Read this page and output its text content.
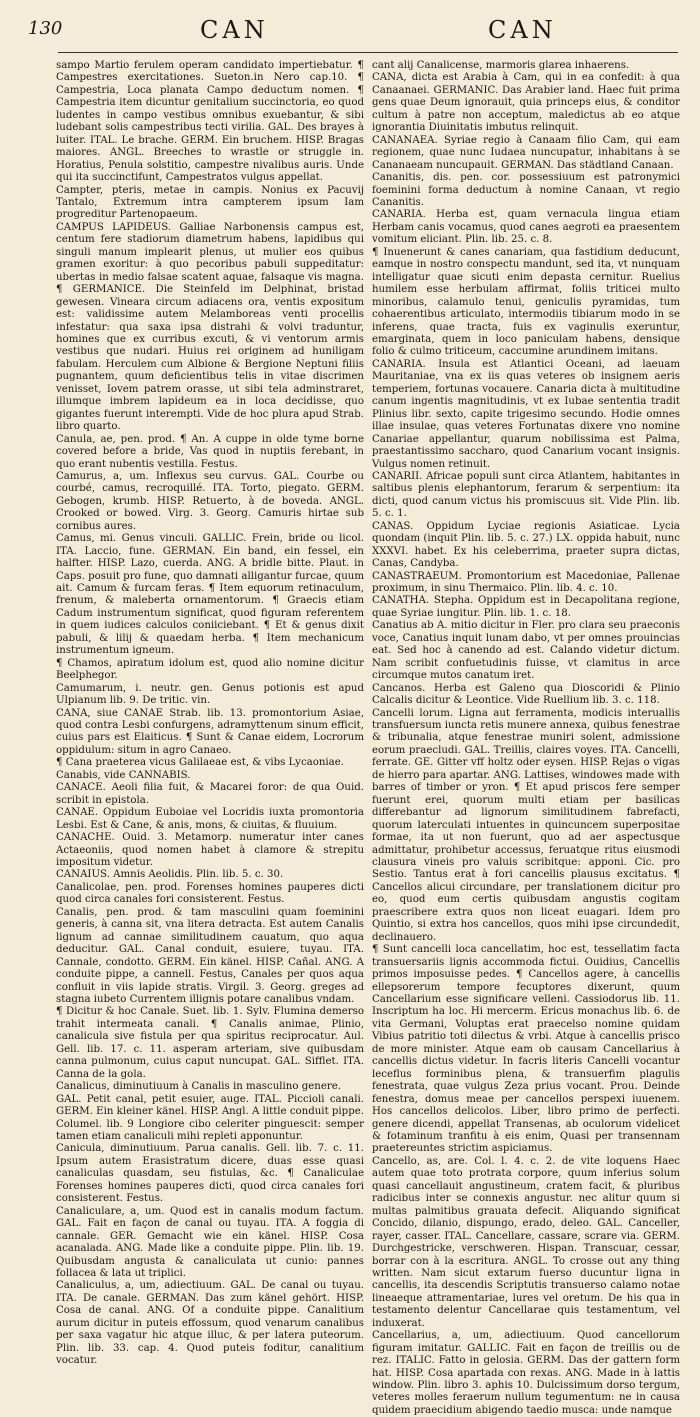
130	CAN	CAN

sampo Martio ferulem operam candidato impertiebatur. ¶ Campestres exercitationes. Sueton.in Nero cap.10. ¶ Campestria, Loca planata Campo deductum nomen. ¶ Campestria item dicuntur genitalium succinctoria, eo quod ludentes in campo vestibus omnibus exuebantur, & sibi ludebant solis campestribus tecti virilia. GAL. Des brayes à luiter. ITAL. Le brache. GERM. Ein bruchem. HISP. Bragas maiores. ANGL. Breeches to wrastle or struggle in. Horatius, Penula solstitio, campestre nivalibus auris. Unde qui ita succinctifunt, Campestratos vulgus appellat.

Campter, pteris, metae in campis. Nonius ex Pacuvij Tantalo, Extremum intra campterem ipsum Iam progreditur Partenopaeum.

CAMPUS LAPIDEUS. Galliae Narbonensis campus est, centum fere stadiorum diametrum habens, lapidibus qui singuli manum implearit plenus, ut mulier eos quibus gramen exoritur: à quo pecoribus pabuli suppeditatur: ubertas in medio falsae scatent aquae, falsaque vis magna. ¶ GERMANICE. Die Steinfeld im Delphinat, bristad gewesen. Vineara circum adiacens ora, ventis expositum est: validissime autem Melamboreas venti procellis infestatur: qua saxa ipsa distrahi & volvi traduntur, homines que ex curribus excuti, & vi ventorum armis vestibus que nudari. Huius rei originem ad huniligam fabulam. Herculem cum Albione & Bergione Neptuni filiis pugnantem, quum deficientibus telis in vitae discrimen venisset, Iovem patrem orasse, ut sibi tela adminstraret, illumque imbrem lapideum ea in loca decidisse, quo gigantes fuerunt interempti. Vide de hoc plura apud Strab. libro quarto.

Canula, ae, pen. prod. ¶ An. A cuppe in olde tyme borne covered before a bride, Vas quod in nuptiis ferebant, in quo erant nubentis vestilla. Festus.

Camurus, a, um. Inflexus seu curvus. GAL. Courbe ou courbé, camus, recroquillé. ITA. Torto, piegato. GERM. Gebogen, krumb. HISP. Retuerto, à de boveda. ANGL. Crooked or bowed. Virg. 3. Georg. Camuris hirtae sub cornibus aures.

Camus, mi. Genus vinculi. GALLIC. Frein, bride ou licol. ITA. Laccio, fune. GERMAN. Ein band, ein fessel, ein halfter. HISP. Lazo, cuerda. ANG. A bridle bitte. Plaut. in Caps. posuit pro fune, quo damnati alligantur furcae, quum ait. Camum & furcam feras. ¶ Item equorum retinaculum, frenum, & maleberta ornamentorum. ¶ Graecis etiam Cadum instrumentum significat, quod figuram referentem in quem iudices calculos coniiciebant. ¶ Et & genus dixit pabuli, & lilij & quaedam herba. ¶ Item mechanicum instrumentum igneum.

¶ Chamos, apiratum idolum est, quod alio nomine dicitur Beelphegor.

Camumarum, i. neutr. gen. Genus potionis est apud Ulpianum lib. 9. De tritic. vin.

CANA, siue CANAE Strab. lib. 13. promontorium Asiae, quod contra Lesbi confurgens, adramyttenum sinum efficit, cuius pars est Elaiticus. ¶ Sunt & Canae eidem, Locrorum oppidulum: situm in agro Canaeo.

¶ Cana praeterea vicus Galilaeae est, & vibs Lycaoniae.

Canabis, vide CANNABIS.

CANACE. Aeoli filia fuit, & Macarei foror: de qua Ouid. scribit in epistola.

CANAE. Oppidum Euboiae vel Locridis iuxta promontoria Lesbi. Est & Cane, & anis, mons, & ciuitas, & fluuium.

CANACHE. Ouid. 3. Metamorp. numeratur inter canes Actaeoniis, quod nomen habet à clamore & strepitu impositum videtur.

CANAIUS. Amnis Aeolidis. Plin. lib. 5. c. 30.

Canalicolae, pen. prod. Forenses homines pauperes dicti quod circa canales fori consisterent. Festus.

Canalis, pen. prod. & tam masculini quam foeminini generis, à canna sit, vna litera detracta. Est autem Canalis lignum ad cannae similitudinem cauatum, quo aqua deducitur. GAL. Canal conduit, esuiere, tuyau. ITA. Cannale, condotto. GERM. Ein känel. HISP. Cañal. ANG. A conduite pippe, a cannell. Festus, Canales per quos aqua confluit in viis lapide stratis. Virgil. 3. Georg. greges ad stagna iubeto Currentem illignis potare canalibus vndam.

¶ Dicitur & hoc Canale. Suet. lib. 1. Sylv. Flumina demerso trahit intermeata canali. ¶ Canalis animae, Plinio, canalicula sive fistula per qua spiritus reciprocatur. Aul. Gell. lib. 17. c. 11. asperam arteriam, sive quibusdam canna pulmonum, cuius caput nuncupat. GAL. Sifflet. ITA. Canna de la gola.

Canalicus, diminutiuum à Canalis in masculino genere.

GAL. Petit canal, petit esuier, auge. ITAL. Piccioli canali. GERM. Ein kleiner känel. HISP. Angl. A little conduit pippe. Columel. lib. 9 Longiore cibo celeriter pinguescit: semper tamen etiam canaliculi mihi repleti apponuntur.

Canicula, diminutiuum. Parua canalis. Gell. lib. 7. c. 11. Ipsum autem Erasistratum dicere, duas esse quasi canaliculas quasdam, seu fistulas, &c. ¶ Canaliculae Forenses homines pauperes dicti, quod circa canales fori consisterent. Festus.

Canaliculare, a, um. Quod est in canalis modum factum. GAL. Fait en façon de canal ou tuyau. ITA. A foggia di cannale. GER. Gemacht wie ein känel. HISP. Cosa acanalada. ANG. Made like a conduite pippe. Plin. lib. 19. Quibusdam angusta & canaliculata ut cunio: pannes follacea & lata ut triplici.

Canaliculus, a, um, adiectiuum. GAL. De canal ou tuyau. ITA. De canale. GERMAN. Das zum känel gehört. HISP. Cosa de canal. ANG. Of a conduite pippe. Canalitium aurum dicitur in puteis effossum, quod venarum canalibus per saxa vagatur hic atque illuc, & per latera puteorum. Plin. lib. 33. cap. 4. Quod puteis foditur, canalitium vocatur.

cant alij Canalicense, marmoris glarea inhaerens.

CANA, dicta est Arabia à Cam, qui in ea confedit: à qua Canaanaei. GERMANIC. Das Arabier land. Haec fuit prima gens quae Deum ignorauit, quia princeps eius, & conditor cultum à patre non acceptum, maledictus ab eo atque ignorantia Diuinitatis imbutus relinquit.

CANANAEA. Syriae regio à Canaam filio Cam, qui eam regionem, quae nunc Iudaea nuncupatur, inhabitans à se Cananaeam nuncupauit. GERMAN. Das städtland Canaan.

Cananitis, dis. pen. cor. possessiuum est patronymici foeminini forma deductum à nomine Canaan, vt regio Cananitis.

CANARIA. Herba est, quam vernacula lingua etiam Herbam canis vocamus, quod canes aegroti ea praesentem vomitum eliciant. Plin. lib. 25. c. 8.

¶ Inuenerunt & canes canariam, qua fastidium deducunt, eamque in nostro conspectu mandunt, sed ita, vt nunquam intelligatur quae sicuti enim depasta cernitur. Ruelius humilem esse herbulam affirmat, foliis triticei multo minoribus, calamulo tenui, geniculis pyramidas, tum cohaerentibus articulato, intermodiis tibiarum modo in se inferens, quae tracta, fuis ex vaginulis exeruntur, emarginata, quem in loco paniculam habens, densique folio & culmo triticeum, caccumine arundinem imitans.

CANARIA. Insula est Atlantici Oceani, ad laeuam Mauritaniae, vna ex iis quas veteres ob insignem aeris temperiem, fortunas vocauere. Canaria dicta à multitudine canum ingentis magnitudinis, vt ex Iubae sententia tradit Plinius libr. sexto, capite trigesimo secundo. Hodie omnes illae insulae, quas veteres Fortunatas dixere vno nomine Canariae appellantur, quarum nobilissima est Palma, praestantissimo saccharo, quod Canarium vocant insignis. Vulgus nomen retinuit.

CANARII. Africae populi sunt circa Atlantem, habitantes in saltibus plenis elephantorum, ferarum & serpentium: ita dicti, quod canum victus his promiscuus sit. Vide Plin. lib. 5. c. 1.

CANAS. Oppidum Lyciae regionis Asiaticae. Lycia quondam (inquit Plin. lib. 5. c. 27.) LX. oppida habuit, nunc XXXVI. habet. Ex his celeberrima, praeter supra dictas, Canas, Candyba.

CANASTRAEUM. Promontorium est Macedoniae, Pallenae proximum, in sinu Thermaico. Plin. lib. 4. c. 10.

CANATHA. Stepha. Oppidum est in Decapolitana regione, quae Syriae iungitur. Plin. lib. 1. c. 18.

Canatius ab A. mitio dicitur in Fler. pro clara seu praeconis voce, Canatius inquit lunam dabo, vt per omnes prouincias eat. Sed hoc à canendo ad est. Calando videtur dictum. Nam scribit confuetudinis fuisse, vt clamitus in arce circumque mutos canatum iret.

Cancanos. Herba est Galeno qua Dioscoridi & Plinio Calcalis dicitur & Leontice. Vide Ruellium lib. 3. c. 118.

Cancelli lorum. Ligna aut ferramenta, modicis interuallis transfuersum iuncta retis munere annexa, quibus fenestrae & tribunalia, atque fenestrae muniri solent, admissione eorum praecludi. GAL. Treillis, claires voyes. ITA. Cancelli, ferrate. GE. Gitter vff holtz oder eysen. HISP. Rejas o vigas de hierro para apartar. ANG. Lattises, windowes made with barres of timber or yron. ¶ Et apud priscos fere semper fuerunt erei, quorum multi etiam per basilicas differebantur ad lignorum similitudinem fabrefacti, quorum laterculati intuentes in quincuncem superpositae formae, ita ut non fuerunt, quo ad aer aspectusque admittatur, prohibetur accessus, feruatque ritus eiusmodi clausura vineis pro valuis scribitque: apponi. Cic. pro Sestio. Tantus erat à fori cancellis plausus excitatus. ¶ Cancellos alicui circundare, per translationem dicitur pro eo, quod eum certis quibusdam angustis cogitam praescribere extra quos non liceat euagari. Idem pro Quintio, si extra hos cancellos, quos mihi ipse circundedit, declinauero.

¶ Sunt cancelli loca cancellatim, hoc est, tessellatim facta transuersariis lignis accommoda fictui. Ouidius, Cancellis primos imposuisse pedes. ¶ Cancellos agere, à cancellis ellepsorerum tempore fecuptores dixerunt, quum Cancellarium esse significare velleni. Cassiodorus lib. 11. Inscriptum ha loc. Hi mercerm. Ericus monachus lib. 6. de vita Germani, Voluptas erat praecelso nomine quidam Vibius patritio toti dilectus & vrbi. Atque à cancellis prisco de more minister. Atque eam ob causam Cancellarius à cancellis dictus videtur. In facris literis Cancelli vocantur leceflus forminibus plena, & transuerfim plagulis fenestrata, quae vulgus Zeza prius vocant. Prou. Deinde fenestra, domus meae per cancellos perspexi iuuenem. Hos cancellos delicolos. Liber, libro primo de perfecti. genere dicendi, appellat Transenas, ab oculorum videlicet & fotaminum tranfitu à eis enim, Quasi per transennam praetereuntes strictim aspiciamus.

Cancello, as, are. Col. l. 4. c. 2. de vite loquens Haec autem quae toto protrata corpore, quum inferius solum quasi cancellauit angustineum, cratem facit, & pluribus radicibus inter se connexis angustur. nec alitur quum si multas palmitibus grauata defecit. Aliquando significat Concido, dilanio, dispungo, erado, deleo. GAL. Canceller, rayer, casser. ITAL. Cancellare, cassare, scrare via. GERM. Durchgestricke, verschweren. Hispan. Transcuar, cessar, borrar con à la escritura. ANGL. To crosse out any thing written. Nam sicut extarum fuerso ducuntur ligna in cancellis, ita descendis Scriptutis transuerso calamo notae lineaeque attramentariae, lures vel oretum. De his qua in testamento delentur Cancellarae quis testamentum, vel induxerat.

Cancellarius, a, um, adiectiuum. Quod cancellorum figuram imitatur. GALLIC. Fait en façon de treillis ou de rez. ITALIC. Fatto in gelosia. GERM. Das der gattern form hat. HISP. Cosa apartada con rexas. ANG. Made in à lattis window. Plin. libro 3. aphis 10. Dulcissimum dorso tergum, veteres molles feraerum nullum tegumentum: ne in causa quidem praecidium abigendo taedio musca: unde namque
